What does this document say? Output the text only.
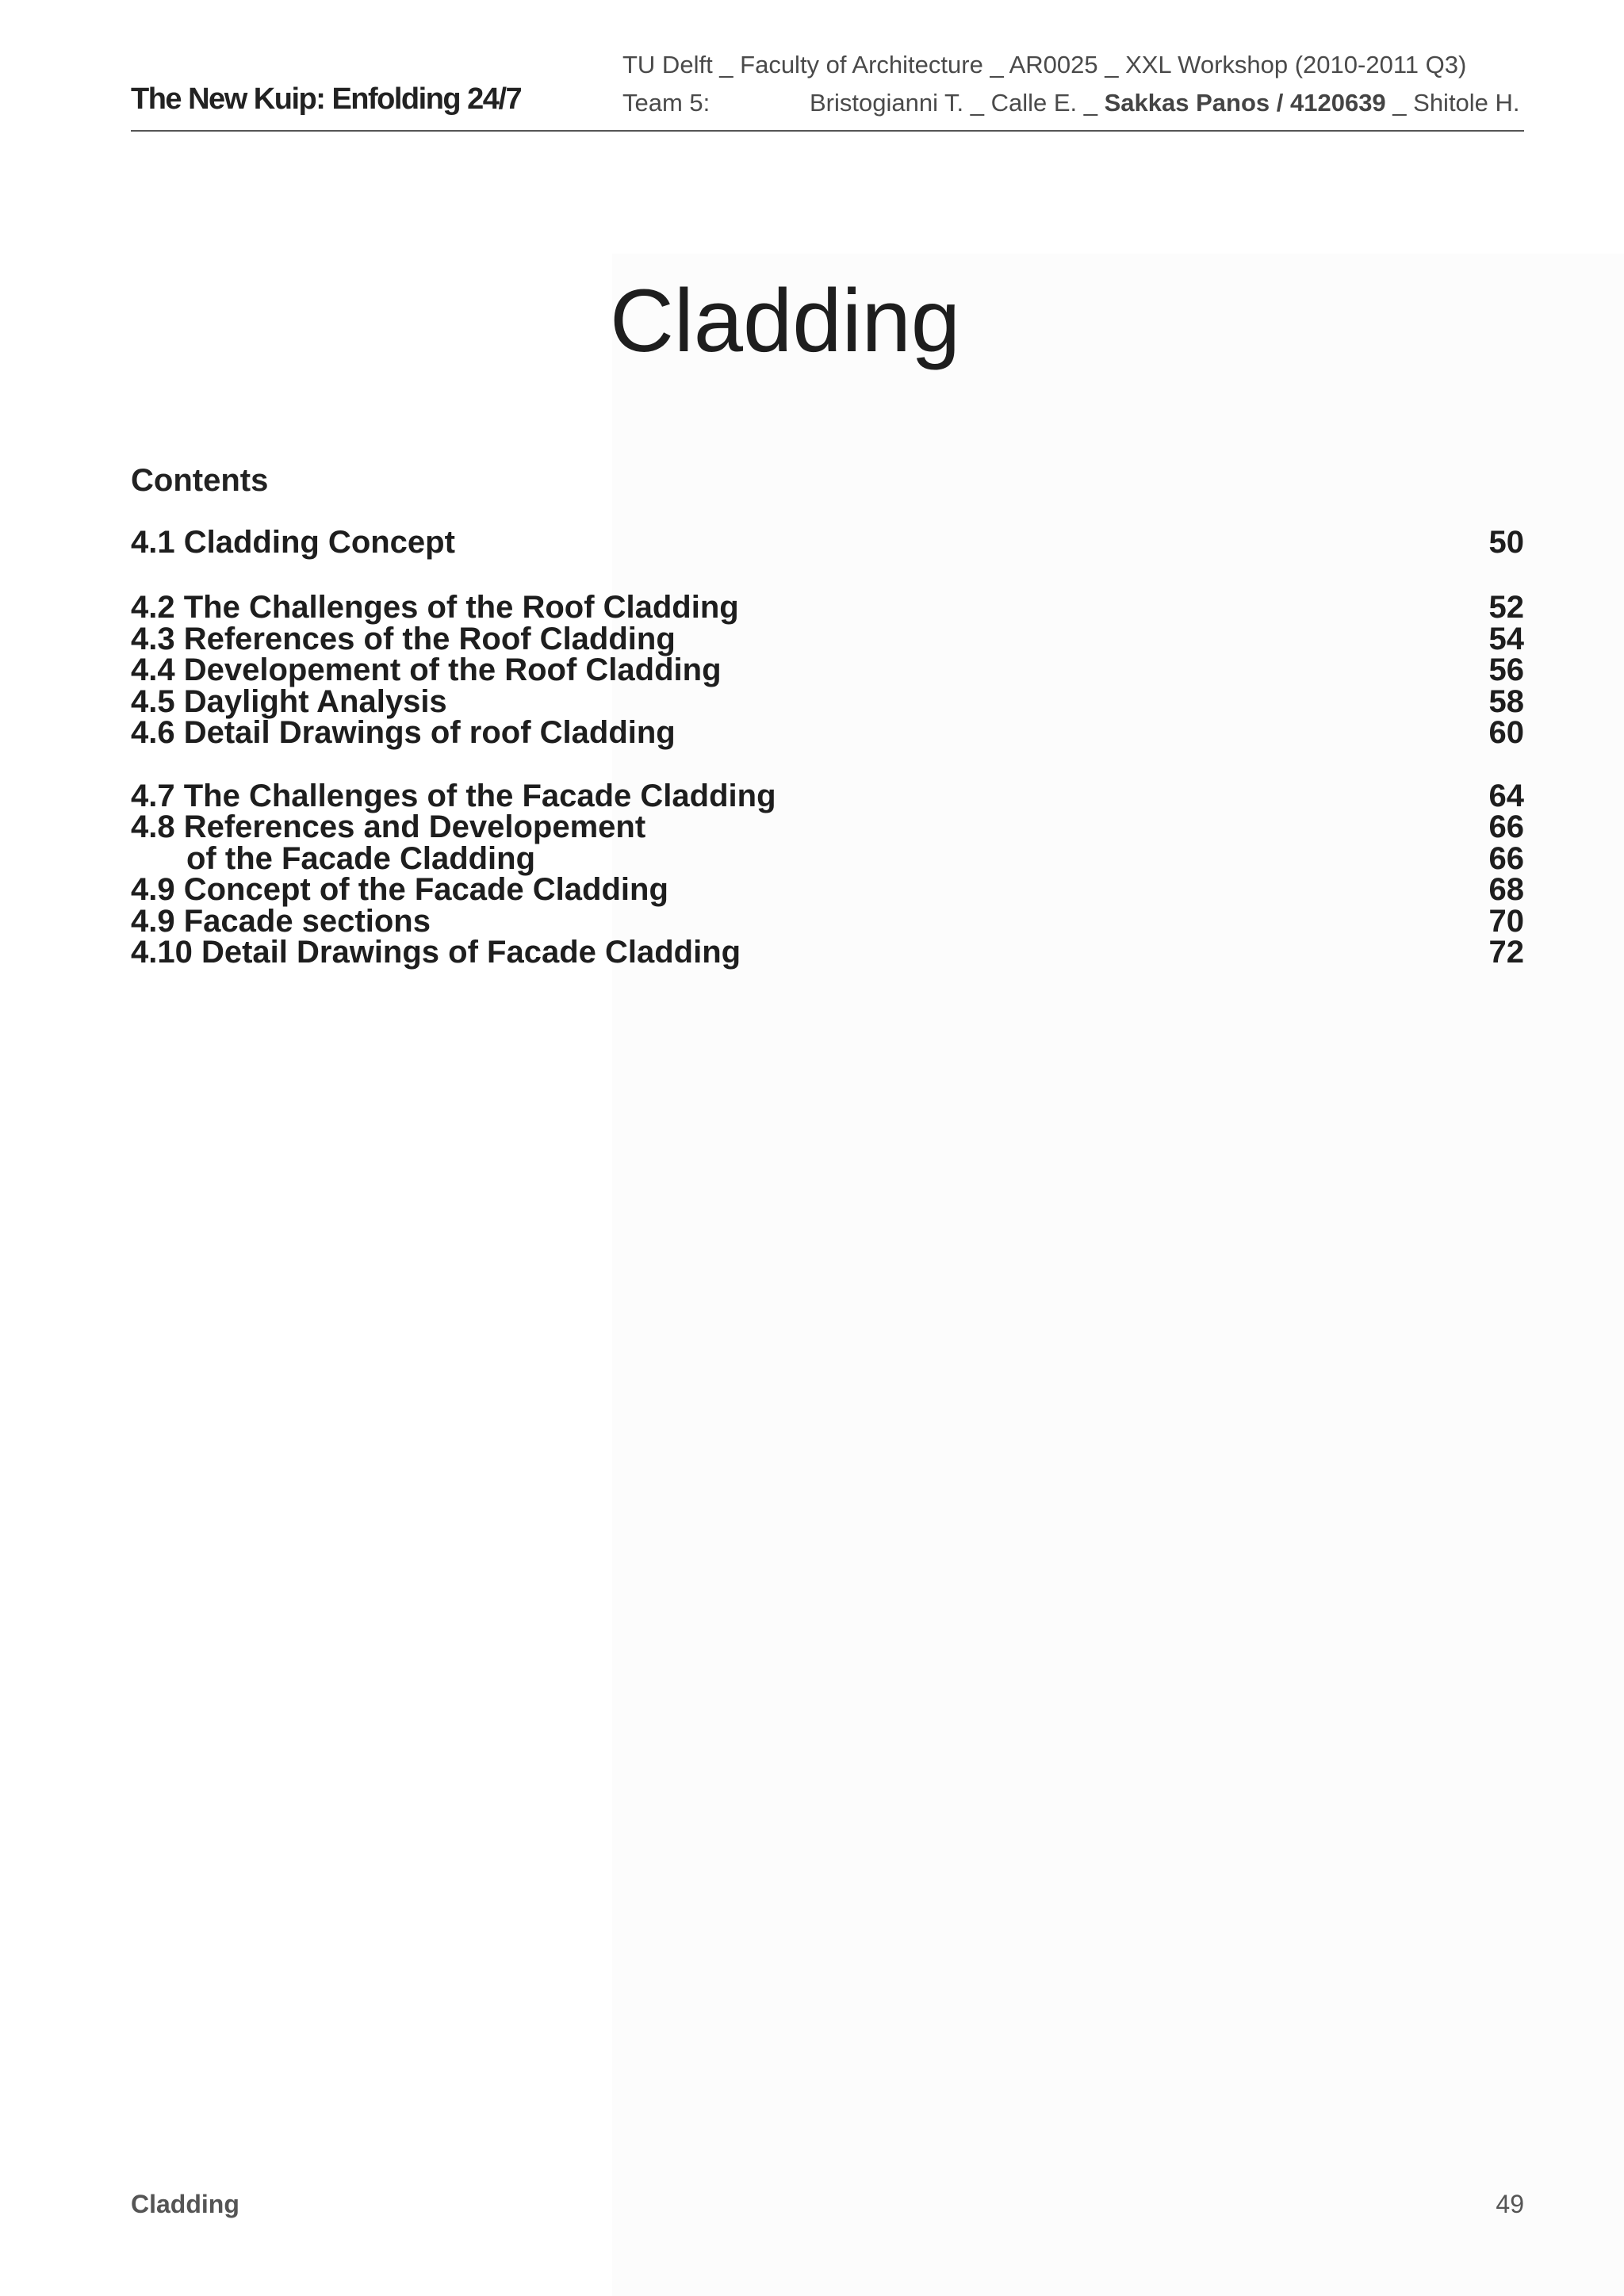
The New Kuip: Enfolding 24/7
TU Delft _ Faculty of Architecture _ AR0025 _ XXL Workshop (2010-2011 Q3)
Team 5:	Bristogianni T. _ Calle E. _ Sakkas Panos / 4120639 _ Shitole H.
Cladding
Contents
4.1 Cladding Concept	50
4.2 The Challenges of the Roof Cladding	52
4.3 References of the Roof Cladding	54
4.4 Developement of the Roof Cladding	56
4.5 Daylight Analysis	58
4.6 Detail Drawings of roof Cladding	60
4.7 The Challenges of the Facade Cladding	64
4.8 References and Developement	66
of the Facade Cladding	66
4.9 Concept of the Facade Cladding	68
4.9 Facade sections	70
4.10 Detail Drawings of Facade Cladding	72
Cladding	49
